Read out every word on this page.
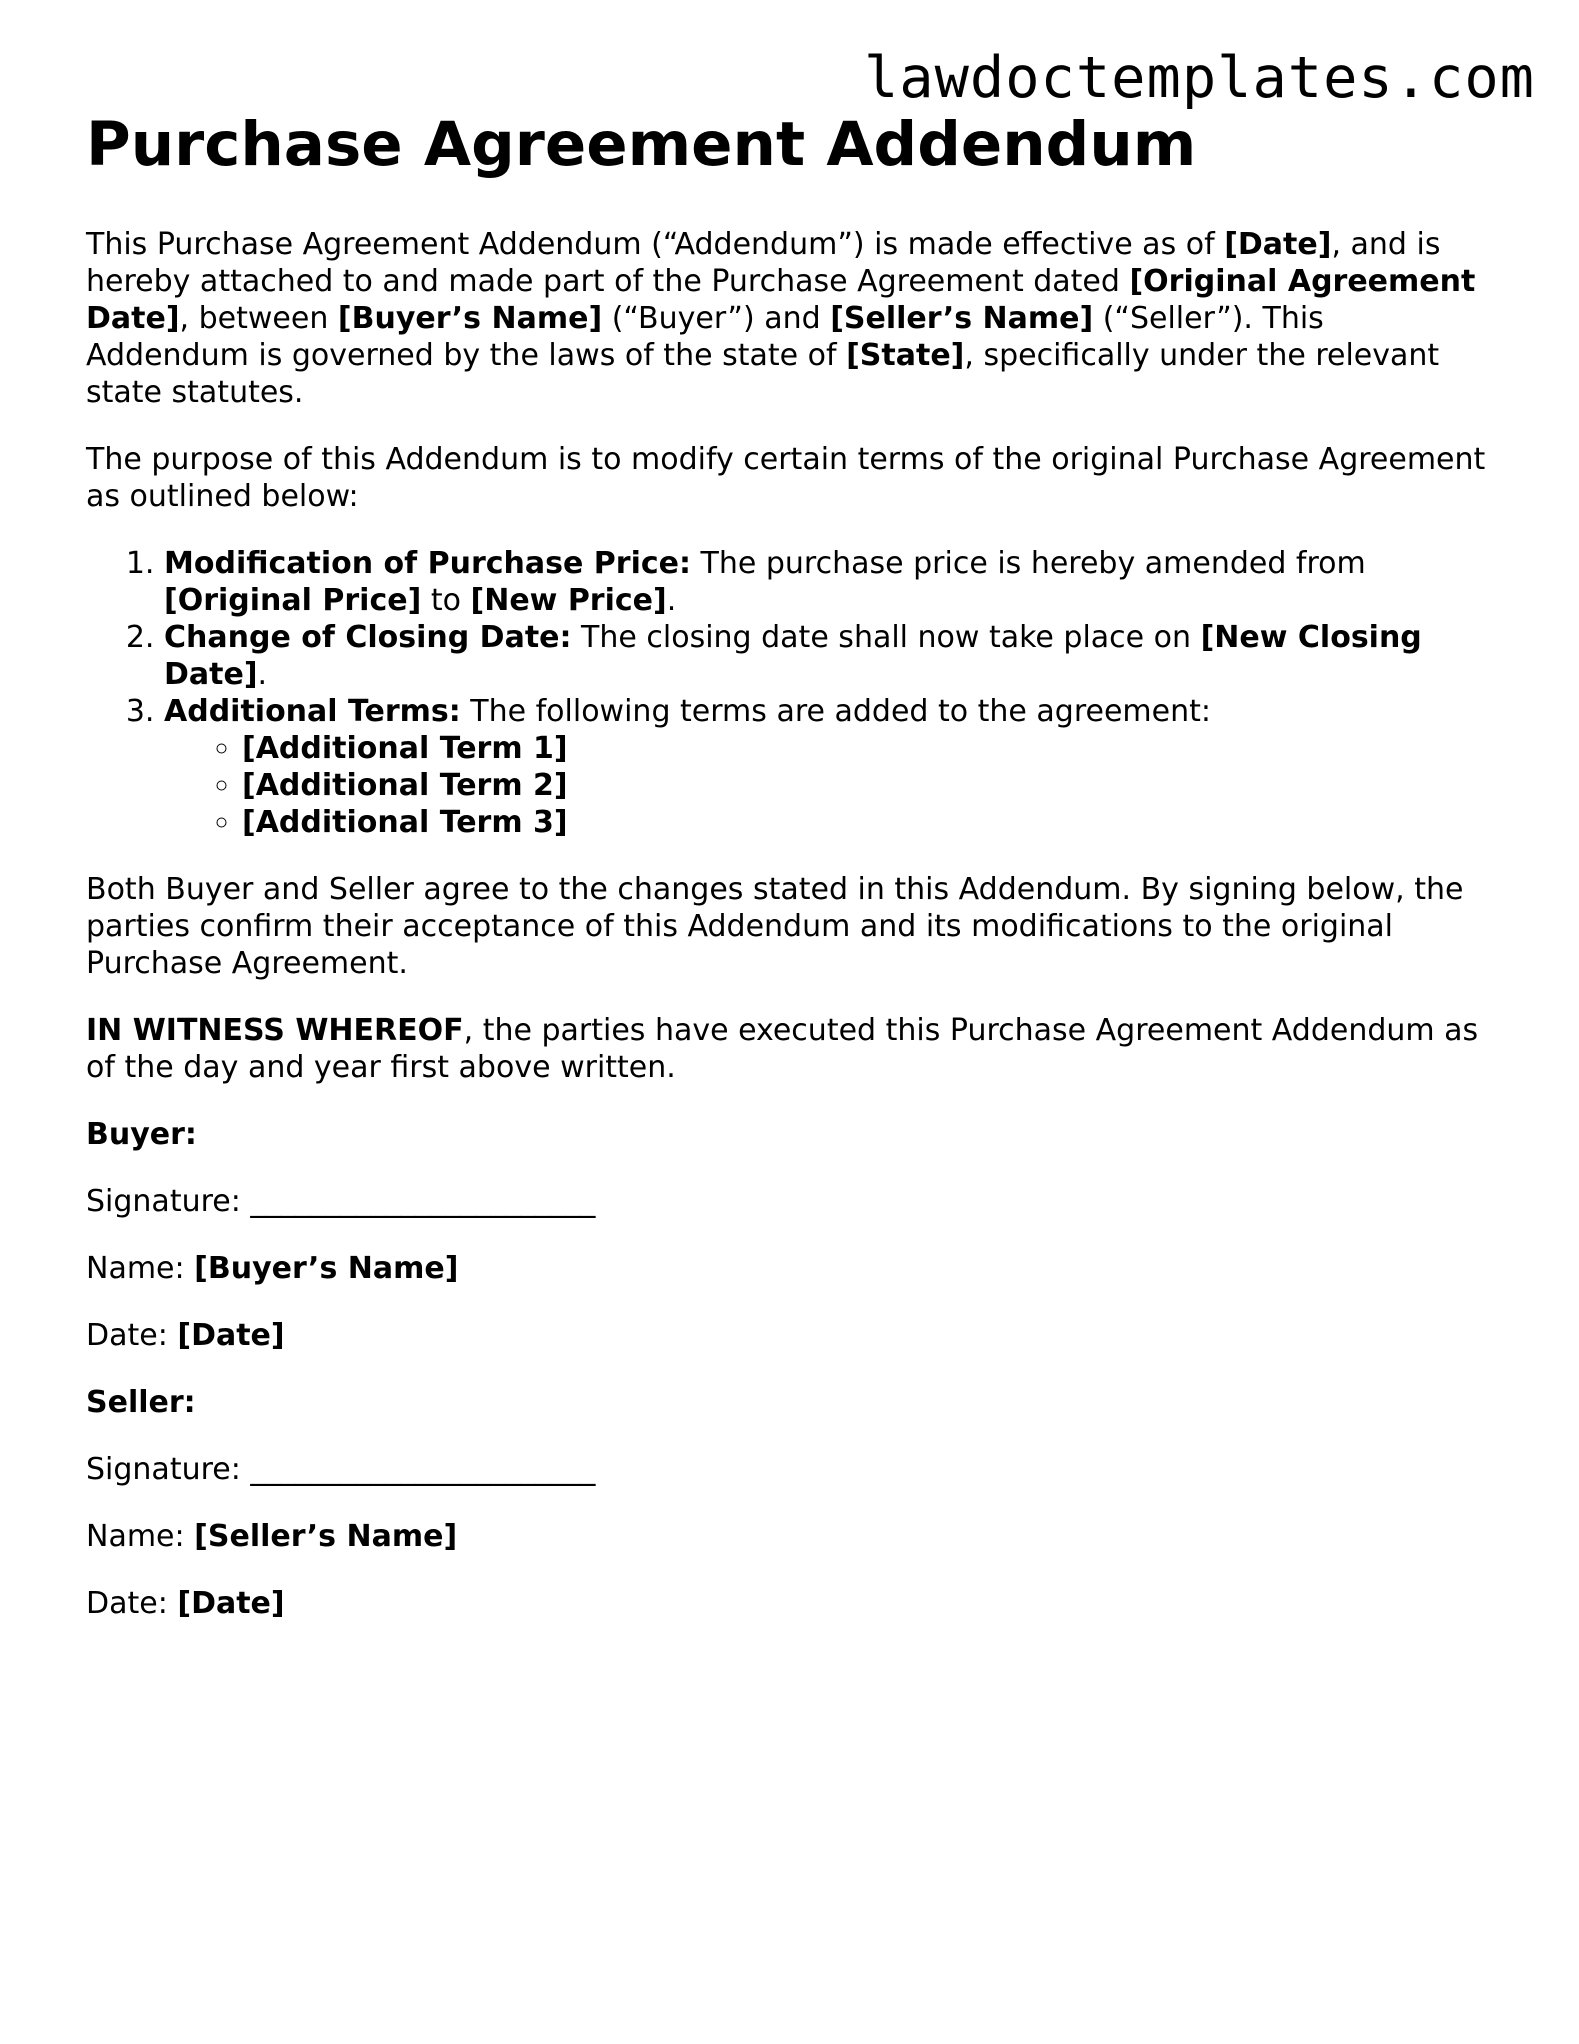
lawdoctemplates.com
Purchase Agreement Addendum

This Purchase Agreement Addendum (“Addendum”) is made effective as of [Date], and is hereby attached to and made part of the Purchase Agreement dated [Original Agreement Date], between [Buyer’s Name] (“Buyer”) and [Seller’s Name] (“Seller”). This Addendum is governed by the laws of the state of [State], specifically under the relevant state statutes.

The purpose of this Addendum is to modify certain terms of the original Purchase Agreement as outlined below:

1. Modification of Purchase Price: The purchase price is hereby amended from [Original Price] to [New Price].
2. Change of Closing Date: The closing date shall now take place on [New Closing Date].
3. Additional Terms: The following terms are added to the agreement:
◦ [Additional Term 1]
◦ [Additional Term 2]
◦ [Additional Term 3]

Both Buyer and Seller agree to the changes stated in this Addendum. By signing below, the parties confirm their acceptance of this Addendum and its modifications to the original Purchase Agreement.

IN WITNESS WHEREOF, the parties have executed this Purchase Agreement Addendum as of the day and year first above written.

Buyer:

Signature: _______________________

Name: [Buyer’s Name]

Date: [Date]

Seller:

Signature: _______________________

Name: [Seller’s Name]

Date: [Date]
